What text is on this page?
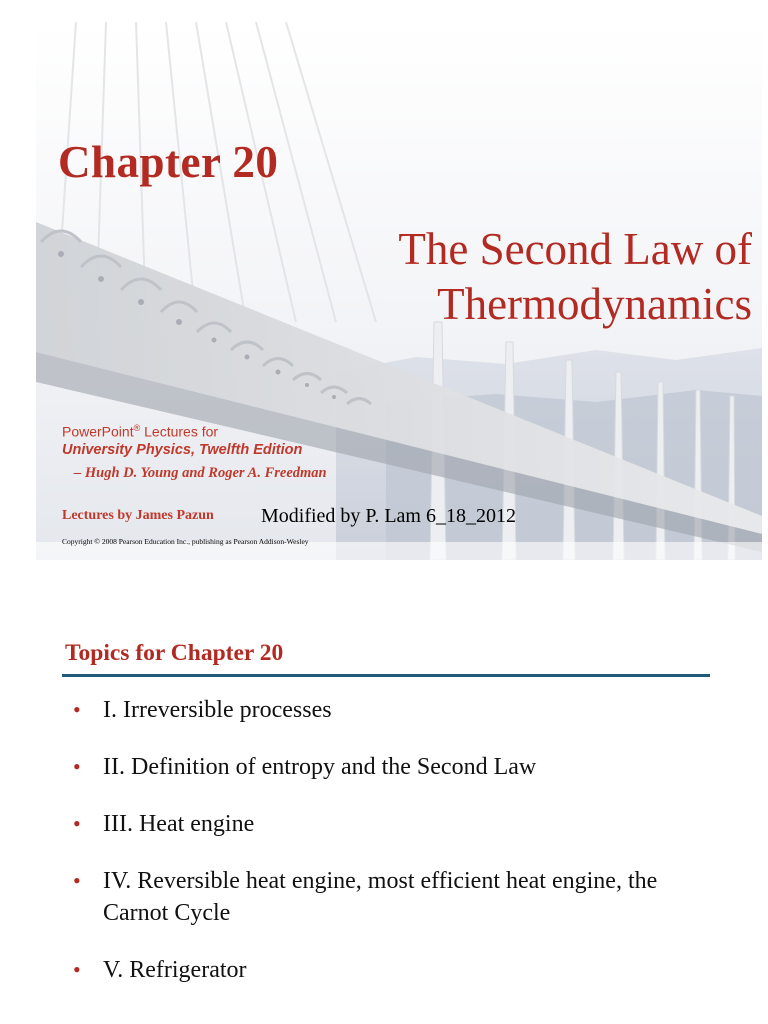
Chapter 20
The Second Law of
Thermodynamics
PowerPoint® Lectures for
University Physics, Twelfth Edition
– Hugh D. Young and Roger A. Freedman
Lectures by James Pazun Modified by P. Lam 6_18_2012
Copyright © 2008 Pearson Education Inc., publishing as Pearson Addison-Wesley
Topics for Chapter 20
• I. Irreversible processes
• II. Definition of entropy and the Second Law
• III. Heat engine
• IV. Reversible heat engine, most efficient heat engine, the Carnot Cycle
• V. Refrigerator
